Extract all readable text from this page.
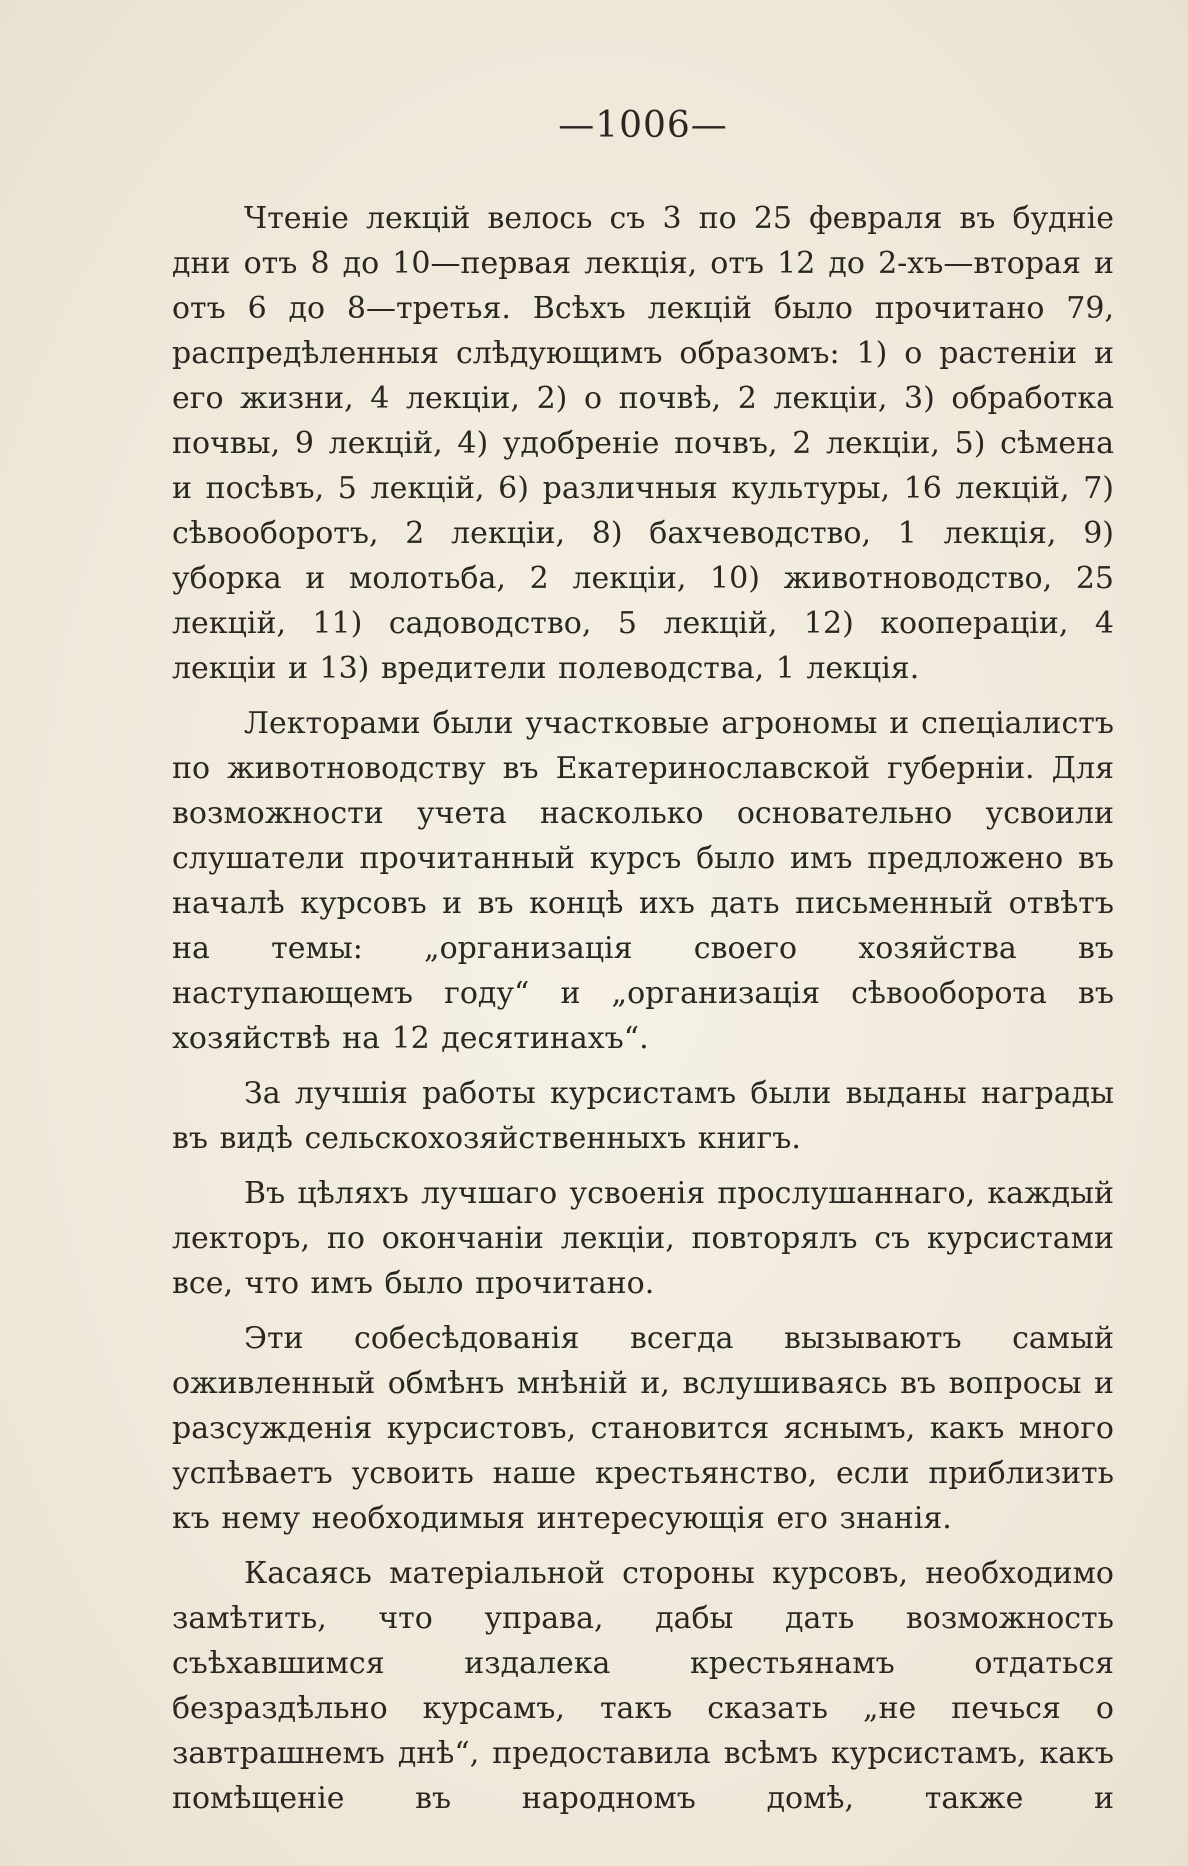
—1006—

Чтеніе лекцій велось съ 3 по 25 февраля въ будніе дни отъ 8 до 10—первая лекція, отъ 12 до 2-хъ—вторая и отъ 6 до 8—третья. Всѣхъ лекцій было прочитано 79, распредѣленныя слѣдующимъ образомъ: 1) о растеніи и его жизни, 4 лекціи, 2) о почвѣ, 2 лекціи, 3) обработка почвы, 9 лекцій, 4) удобреніе почвъ, 2 лекціи, 5) сѣмена и посѣвъ, 5 лекцій, 6) различныя культуры, 16 лекцій, 7) сѣвооборотъ, 2 лекціи, 8) бахчеводство, 1 лекція, 9) уборка и молотьба, 2 лекціи, 10) животноводство, 25 лекцій, 11) садоводство, 5 лекцій, 12) коопераціи, 4 лекціи и 13) вредители полеводства, 1 лекція.

Лекторами были участковые агрономы и спеціалистъ по животноводству въ Екатеринославской губерніи. Для возможности учета насколько основательно усвоили слушатели прочитанный курсъ было имъ предложено въ началѣ курсовъ и въ концѣ ихъ дать письменный отвѣтъ на темы: „организація своего хозяйства въ наступающемъ году“ и „организація сѣвооборота въ хозяйствѣ на 12 десятинахъ“.

За лучшія работы курсистамъ были выданы награды въ видѣ сельскохозяйственныхъ книгъ.

Въ цѣляхъ лучшаго усвоенія прослушаннаго, каждый лекторъ, по окончаніи лекціи, повторялъ съ курсистами все, что имъ было прочитано.

Эти собесѣдованія всегда вызываютъ самый оживленный обмѣнъ мнѣній и, вслушиваясь въ вопросы и разсужденія курсистовъ, становится яснымъ, какъ много успѣваетъ усвоить наше крестьянство, если приблизить къ нему необходимыя интересующія его знанія.

Касаясь матеріальной стороны курсовъ, необходимо замѣтить, что управа, дабы дать возможность съѣхавшимся издалека крестьянамъ отдаться безраздѣльно курсамъ, такъ сказать „не печься о завтрашнемъ днѣ“, предоставила всѣмъ курсистамъ, какъ помѣщеніе въ народномъ домѣ, также и
